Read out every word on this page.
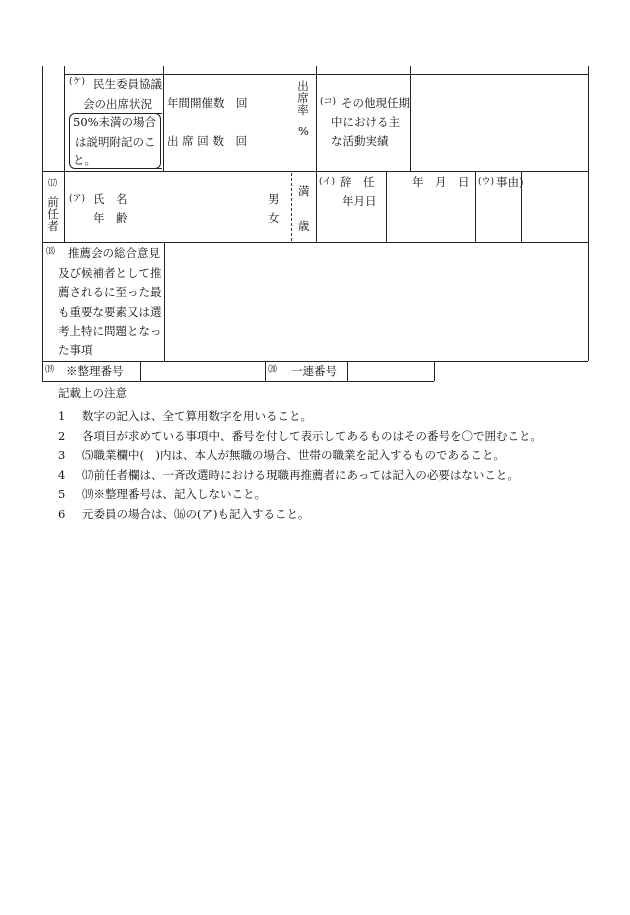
(ケ) 民生委員協議
会の出席状況
50%未満の場合
は説明附記のこ
と。
年間開催数　回
出 席 回 数　回
出
席
率
%
(コ) その他現任期
中における主
な活動実績
⒄
前
任
者
(ア) 氏　名
年　齢
男
女
満
歳
(イ) 辞　任
年月日
年　月　日 (ウ) 事由)
⒅ 推薦会の総合意見
及び候補者として推
薦されるに至った最
も重要な要素又は選
考上特に問題となっ
た事項
⒆ ※整理番号	⒇ 一連番号
記載上の注意
1 数字の記入は、全て算用数字を用いること。
2 各項目が求めている事項中、番号を付して表示してあるものはその番号を〇で囲むこと。
3 ⑸職業欄中(　)内は、本人が無職の場合、世帯の職業を記入するものであること。
4 ⒄前任者欄は、一斉改選時における現職再推薦者にあっては記入の必要はないこと。
5 ⒆※整理番号は、記入しないこと。
6 元委員の場合は、⒃の(ア)も記入すること。
